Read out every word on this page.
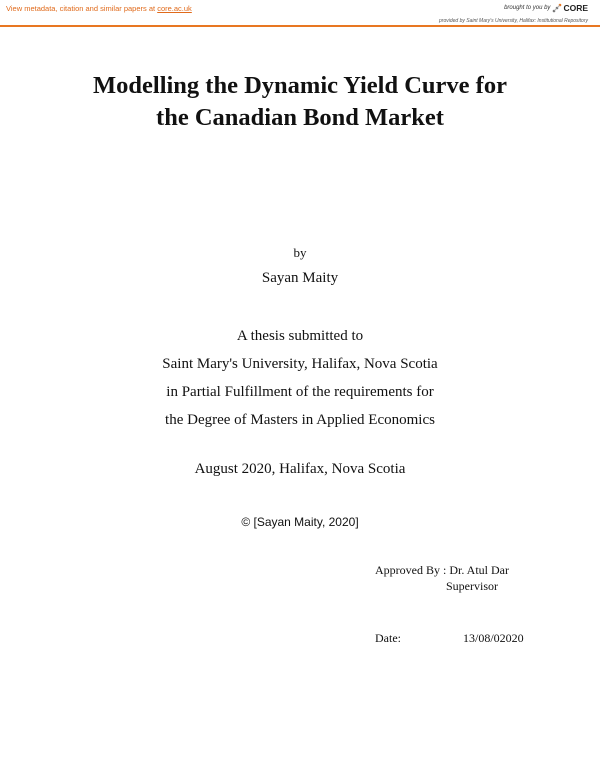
View metadata, citation and similar papers at core.ac.uk	brought to you by CORE
provided by Saint Mary's University, Halifax: Institutional Repository
Modelling the Dynamic Yield Curve for
the Canadian Bond Market
by
Sayan Maity
A thesis submitted to
Saint Mary's University, Halifax, Nova Scotia
in Partial Fulfillment of the requirements for
the Degree of Masters in Applied Economics
August 2020, Halifax, Nova Scotia
© [Sayan Maity, 2020]
Approved By : Dr. Atul Dar
Supervisor
Date:	13/08/02020
